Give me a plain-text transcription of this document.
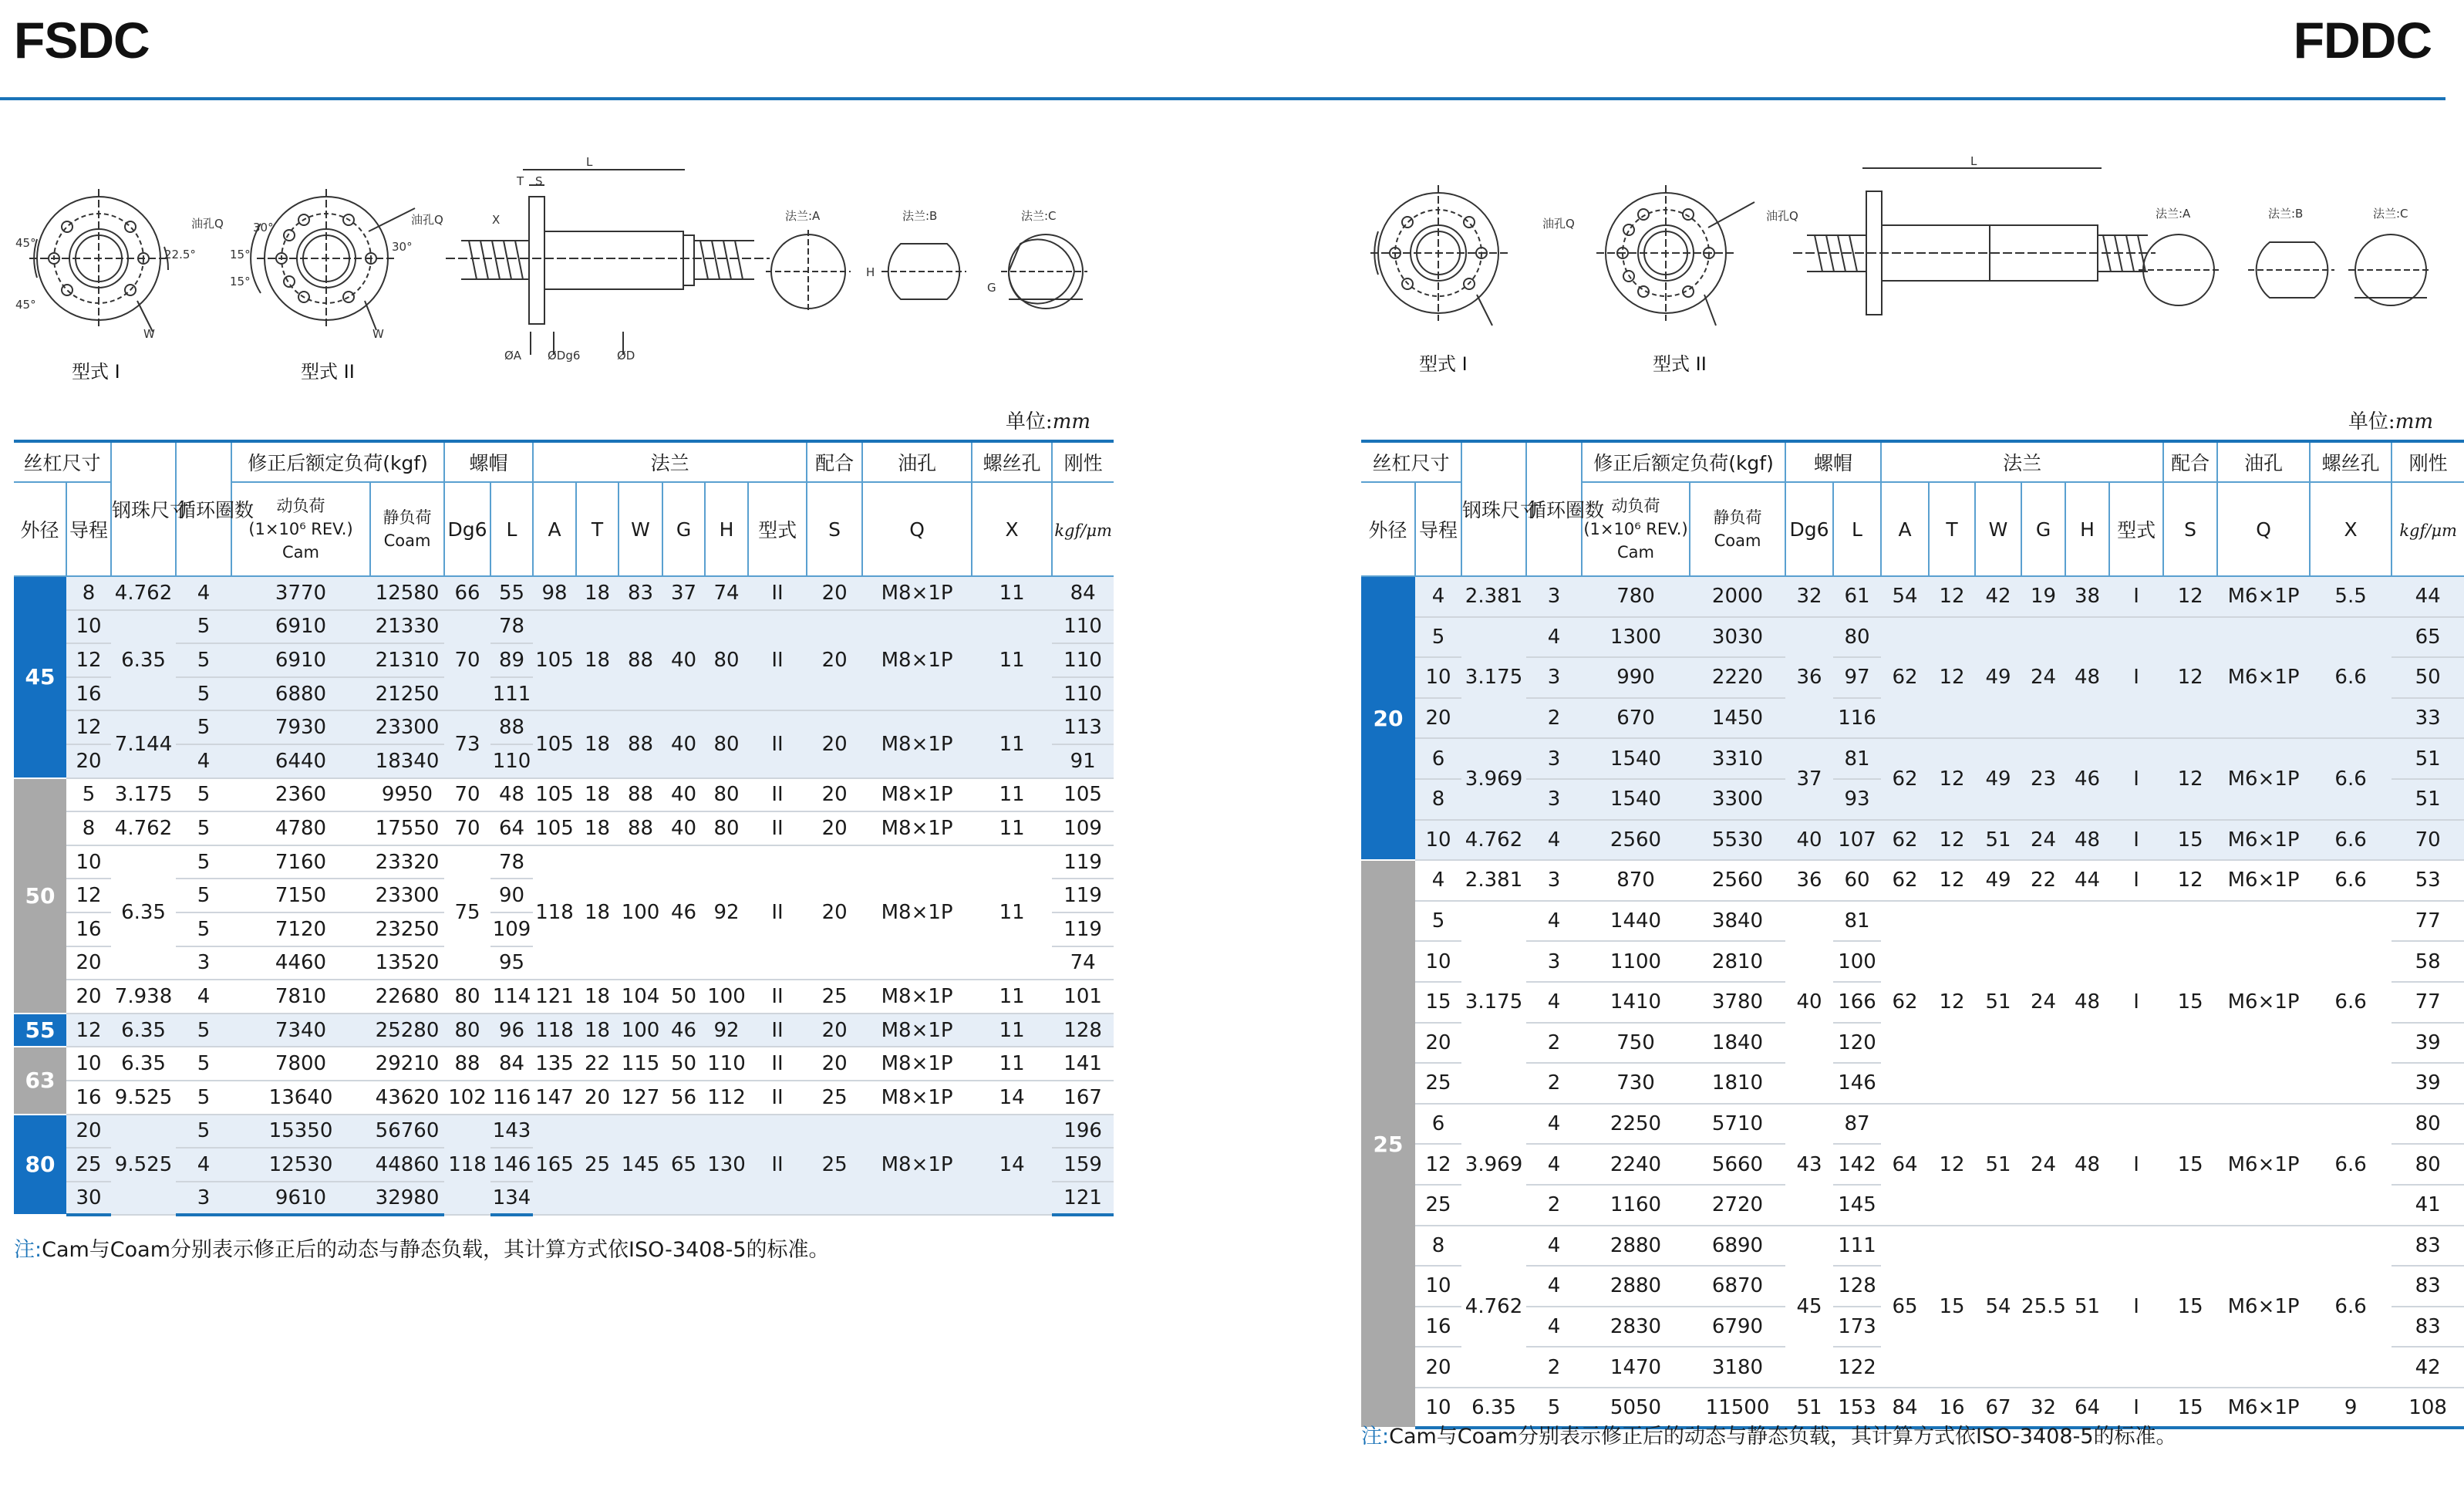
FSDC	FDDC
45°
45°
22.5°
油孔Q
W
30°
15°
15°
30°
油孔Q
W
L
T S
X
ØA ØDg6	ØD
法兰:A	法兰:B	法兰:C
H
G
型式 I	型式 II
单位:mm
丝杠尺寸		钢珠尺寸	循环圈数	修正后额定负荷(kgf)		螺帽		法兰						配合	油孔	螺丝孔	刚性
外径	导程			动负荷
(1×10⁶ REV.)
Cam	静负荷
Coam	Dg6	L	A	T	W	G	H	型式	S	Q	X	kgf/μm
45	8	4.762	4	3770	12580	66	55	98	18	83	37	74	II	20	M8×1P	11	84
	10	6.35	5	6910	21330	70	78	105	18	88	40	80	II	20	M8×1P	11	110
	12		5	6910	21310		89										110
	16		5	6880	21250		111										110
	12	7.144	5	7930	23300	73	88	105	18	88	40	80	II	20	M8×1P	11	113
	20		4	6440	18340		110										91
50	5	3.175	5	2360	9950	70	48	105	18	88	40	80	II	20	M8×1P	11	105
	8	4.762	5	4780	17550	70	64	105	18	88	40	80	II	20	M8×1P	11	109
	10	6.35	5	7160	23320	75	78	118	18	100	46	92	II	20	M8×1P	11	119
	12		5	7150	23300		90										119
	16		5	7120	23250		109										119
	20		3	4460	13520		95										74
	20	7.938	4	7810	22680	80	114	121	18	104	50	100	II	25	M8×1P	11	101
55	12	6.35	5	7340	25280	80	96	118	18	100	46	92	II	20	M8×1P	11	128
63	10	6.35	5	7800	29210	88	84	135	22	115	50	110	II	20	M8×1P	11	141
	16	9.525	5	13640	43620	102	116	147	20	127	56	112	II	25	M8×1P	14	167
80	20	9.525	5	15350	56760	118	143	165	25	145	65	130	II	25	M8×1P	14	196
	25		4	12530	44860		146										159
	30		3	9610	32980		134										121
注:Cam与Coam分别表示修正后的动态与静态负载，其计算方式依ISO-3408-5的标准。
油孔Q
油孔Q
L
法兰:A	法兰:B	法兰:C
型式 I	型式 II
单位:mm
丝杠尺寸		钢珠尺寸	循环圈数	修正后额定负荷(kgf)		螺帽		法兰						配合	油孔	螺丝孔	刚性
外径	导程			动负荷
(1×10⁶ REV.)
Cam	静负荷
Coam	Dg6	L	A	T	W	G	H	型式	S	Q	X	kgf/μm
20	4	2.381	3	780	2000	32	61	54	12	42	19	38	I	12	M6×1P	5.5	44
	5	3.175	4	1300	3030	36	80	62	12	49	24	48	I	12	M6×1P	6.6	65
	10		3	990	2220		97										50
	20		2	670	1450		116										33
	6	3.969	3	1540	3310	37	81	62	12	49	23	46	I	12	M6×1P	6.6	51
	8		3	1540	3300		93										51
	10	4.762	4	2560	5530	40	107	62	12	51	24	48	I	15	M6×1P	6.6	70
25	4	2.381	3	870	2560	36	60	62	12	49	22	44	I	12	M6×1P	6.6	53
	5	3.175	4	1440	3840	40	81	62	12	51	24	48	I	15	M6×1P	6.6	77
	10		3	1100	2810		100										58
	15		4	1410	3780		166										77
	20		2	750	1840		120										39
	25		2	730	1810		146										39
	6	3.969	4	2250	5710	43	87	64	12	51	24	48	I	15	M6×1P	6.6	80
	12		4	2240	5660		142										80
	25		2	1160	2720		145										41
	8	4.762	4	2880	6890	45	111	65	15	54	25.5	51	I	15	M6×1P	6.6	83
	10		4	2880	6870		128										83
	16		4	2830	6790		173										83
	20		2	1470	3180		122										42
	10	6.35	5	5050	11500	51	153	84	16	67	32	64	I	15	M6×1P	9	108
注:Cam与Coam分别表示修正后的动态与静态负载，其计算方式依ISO-3408-5的标准。
